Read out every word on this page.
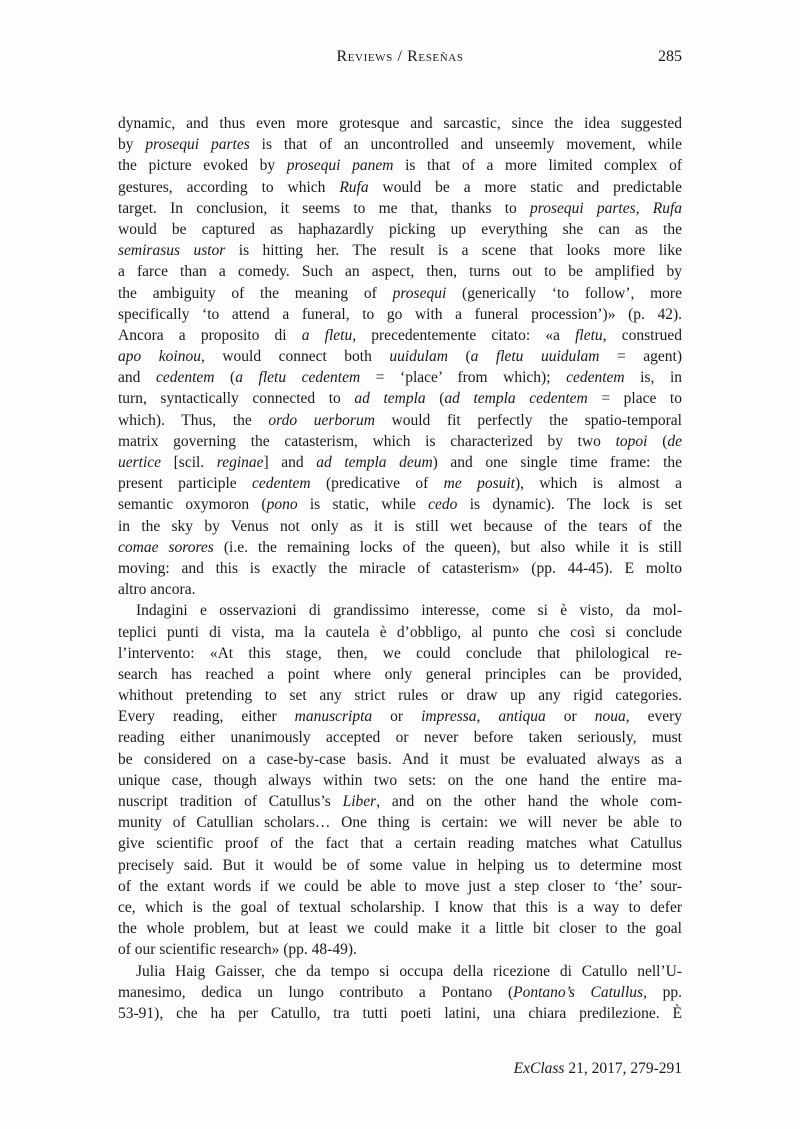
Reviews / Reseñas	285
dynamic, and thus even more grotesque and sarcastic, since the idea suggested
by prosequi partes is that of an uncontrolled and unseemly movement, while
the picture evoked by prosequi panem is that of a more limited complex of
gestures, according to which Rufa would be a more static and predictable
target. In conclusion, it seems to me that, thanks to prosequi partes, Rufa
would be captured as haphazardly picking up everything she can as the
semirasus ustor is hitting her. The result is a scene that looks more like
a farce than a comedy. Such an aspect, then, turns out to be amplified by
the ambiguity of the meaning of prosequi (generically ‘to follow’, more
specifically ‘to attend a funeral, to go with a funeral procession’)» (p. 42).
Ancora a proposito di a fletu, precedentemente citato: «a fletu, construed
apo koinou, would connect both uuidulam (a fletu uuidulam = agent)
and cedentem (a fletu cedentem = ‘place’ from which); cedentem is, in
turn, syntactically connected to ad templa (ad templa cedentem = place to
which). Thus, the ordo uerborum would fit perfectly the spatio-temporal
matrix governing the catasterism, which is characterized by two topoi (de
uertice [scil. reginae] and ad templa deum) and one single time frame: the
present participle cedentem (predicative of me posuit), which is almost a
semantic oxymoron (pono is static, while cedo is dynamic). The lock is set
in the sky by Venus not only as it is still wet because of the tears of the
comae sorores (i.e. the remaining locks of the queen), but also while it is still
moving: and this is exactly the miracle of catasterism» (pp. 44-45). E molto
altro ancora.
Indagini e osservazioni di grandissimo interesse, come si è visto, da mol-
teplici punti di vista, ma la cautela è d’obbligo, al punto che così si conclude
l’intervento: «At this stage, then, we could conclude that philological re-
search has reached a point where only general principles can be provided,
whithout pretending to set any strict rules or draw up any rigid categories.
Every reading, either manuscripta or impressa, antiqua or noua, every
reading either unanimously accepted or never before taken seriously, must
be considered on a case-by-case basis. And it must be evaluated always as a
unique case, though always within two sets: on the one hand the entire ma-
nuscript tradition of Catullus’s Liber, and on the other hand the whole com-
munity of Catullian scholars… One thing is certain: we will never be able to
give scientific proof of the fact that a certain reading matches what Catullus
precisely said. But it would be of some value in helping us to determine most
of the extant words if we could be able to move just a step closer to ‘the’ sour-
ce, which is the goal of textual scholarship. I know that this is a way to defer
the whole problem, but at least we could make it a little bit closer to the goal
of our scientific research» (pp. 48-49).
Julia Haig Gaisser, che da tempo si occupa della ricezione di Catullo nell’U-
manesimo, dedica un lungo contributo a Pontano (Pontano’s Catullus, pp.
53-91), che ha per Catullo, tra tutti poeti latini, una chiara predilezione. È
ExClass 21, 2017, 279-291
